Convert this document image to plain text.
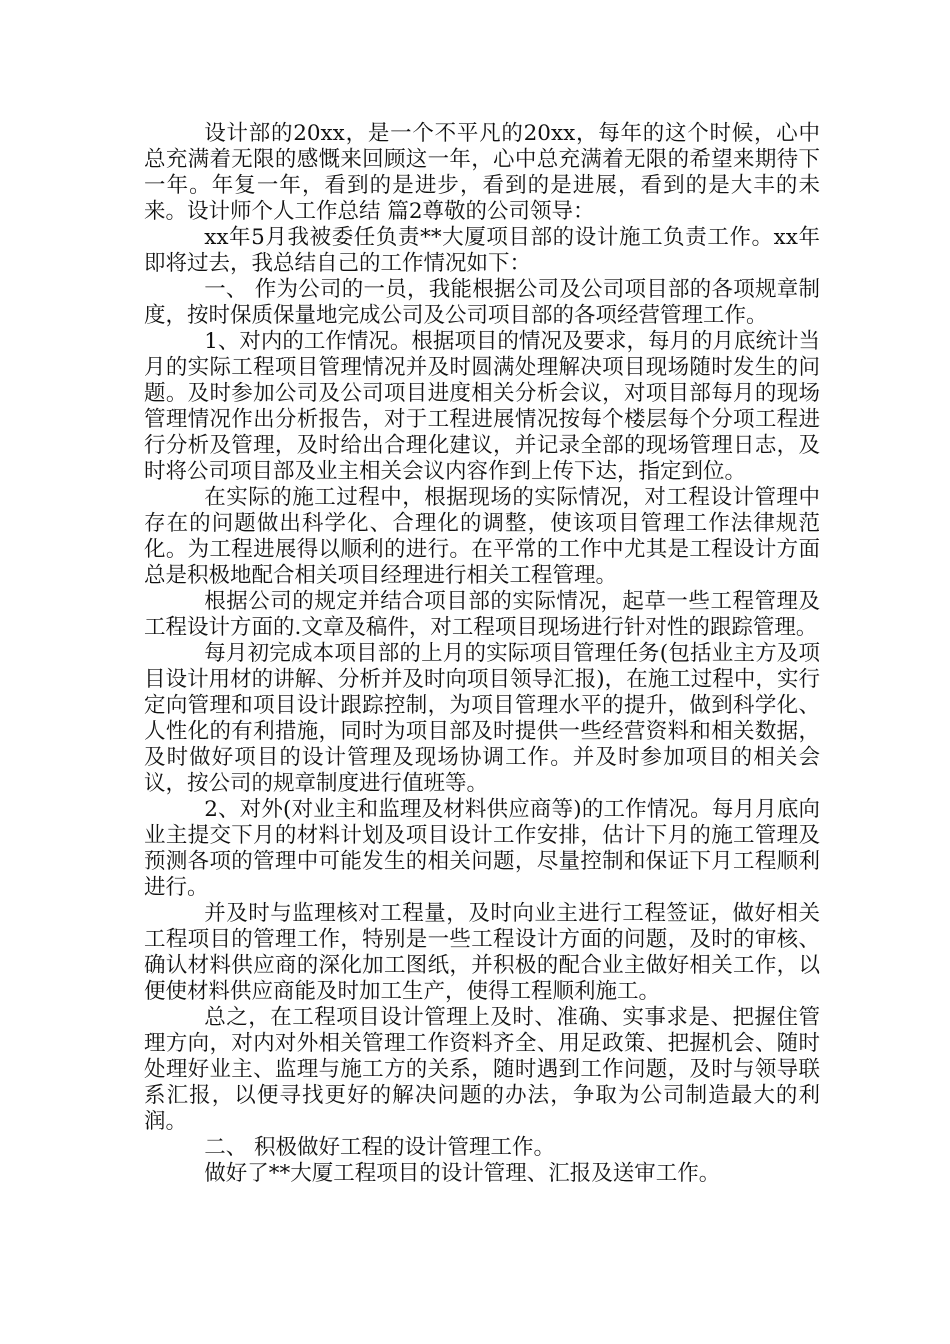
设计部的20xx，是一个不平凡的20xx，每年的这个时候，心中总充满着无限的感慨来回顾这一年，心中总充满着无限的希望来期待下一年。年复一年，看到的是进步，看到的是进展，看到的是大丰的未来。设计师个人工作总结 篇2尊敬的公司领导：

xx年5月我被委任负责**大厦项目部的设计施工负责工作。xx年即将过去，我总结自己的工作情况如下：

一、 作为公司的一员，我能根据公司及公司项目部的各项规章制度，按时保质保量地完成公司及公司项目部的各项经营管理工作。

1、对内的工作情况。根据项目的情况及要求，每月的月底统计当月的实际工程项目管理情况并及时圆满处理解决项目现场随时发生的问题。及时参加公司及公司项目进度相关分析会议，对项目部每月的现场管理情况作出分析报告，对于工程进展情况按每个楼层每个分项工程进行分析及管理，及时给出合理化建议，并记录全部的现场管理日志，及时将公司项目部及业主相关会议内容作到上传下达，指定到位。

在实际的施工过程中，根据现场的实际情况，对工程设计管理中存在的问题做出科学化、合理化的调整，使该项目管理工作法律规范化。为工程进展得以顺利的进行。在平常的工作中尤其是工程设计方面总是积极地配合相关项目经理进行相关工程管理。

根据公司的规定并结合项目部的实际情况，起草一些工程管理及工程设计方面的.文章及稿件，对工程项目现场进行针对性的跟踪管理。

每月初完成本项目部的上月的实际项目管理任务(包括业主方及项目设计用材的讲解、分析并及时向项目领导汇报)，在施工过程中，实行定向管理和项目设计跟踪控制，为项目管理水平的提升，做到科学化、人性化的有利措施，同时为项目部及时提供一些经营资料和相关数据，及时做好项目的设计管理及现场协调工作。并及时参加项目的相关会议，按公司的规章制度进行值班等。

2、对外(对业主和监理及材料供应商等)的工作情况。每月月底向业主提交下月的材料计划及项目设计工作安排，估计下月的施工管理及预测各项的管理中可能发生的相关问题，尽量控制和保证下月工程顺利进行。

并及时与监理核对工程量，及时向业主进行工程签证，做好相关工程项目的管理工作，特别是一些工程设计方面的问题，及时的审核、确认材料供应商的深化加工图纸，并积极的配合业主做好相关工作，以便使材料供应商能及时加工生产，使得工程顺利施工。

总之，在工程项目设计管理上及时、准确、实事求是、把握住管理方向，对内对外相关管理工作资料齐全、用足政策、把握机会、随时处理好业主、监理与施工方的关系，随时遇到工作问题，及时与领导联系汇报，以便寻找更好的解决问题的办法，争取为公司制造最大的利润。

二、 积极做好工程的设计管理工作。

做好了**大厦工程项目的设计管理、汇报及送审工作。
